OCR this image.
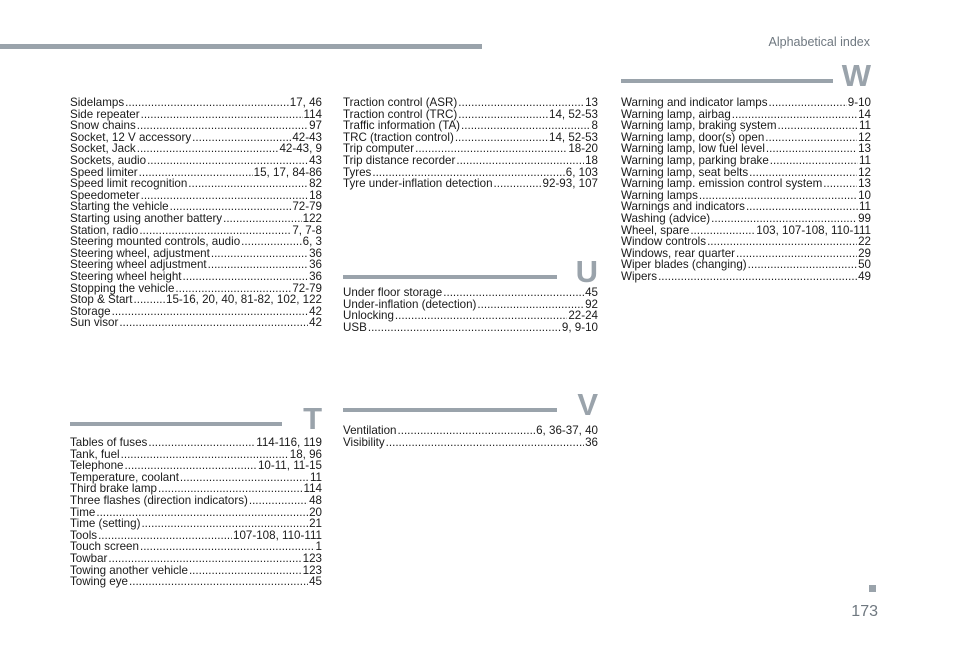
Alphabetical index
Sidelamps .....	17, 46
Side repeater .....	114
Snow chains .....	97
Socket, 12 V accessory .....	42-43
Socket, Jack .....	42-43, 9
Sockets, audio .....	43
Speed limiter .....	15, 17, 84-86
Speed limit recognition .....	82
Speedometer .....	18
Starting the vehicle .....	72-79
Starting using another battery .....	122
Station, radio .....	7, 7-8
Steering mounted controls, audio .....	6, 3
Steering wheel, adjustment .....	36
Steering wheel adjustment .....	36
Steering wheel height .....	36
Stopping the vehicle .....	72-79
Stop & Start .....	15-16, 20, 40, 81-82, 102, 122
Storage .....	42
Sun visor .....	42
T
Tables of fuses .....	114-116, 119
Tank, fuel .....	18, 96
Telephone .....	10-11, 11-15
Temperature, coolant .....	11
Third brake lamp .....	114
Three flashes (direction indicators) .....	48
Time .....	20
Time (setting) .....	21
Tools .....	107-108, 110-111
Touch screen .....	1
Towbar .....	123
Towing another vehicle .....	123
Towing eye .....	45
Traction control (ASR) .....	13
Traction control (TRC) .....	14, 52-53
Traffic information (TA) .....	8
TRC (traction control) .....	14, 52-53
Trip computer .....	18-20
Trip distance recorder .....	18
Tyres .....	6, 103
Tyre under-inflation detection .....	92-93, 107
U
Under floor storage .....	45
Under-inflation (detection) .....	92
Unlocking .....	22-24
USB .....	9, 9-10
V
Ventilation .....	6, 36-37, 40
Visibility .....	36
W
Warning and indicator lamps .....	9-10
Warning lamp, airbag .....	14
Warning lamp, braking system .....	11
Warning lamp, door(s) open .....	12
Warning lamp, low fuel level .....	13
Warning lamp, parking brake .....	11
Warning lamp, seat belts .....	12
Warning lamp. emission control system .....	13
Warning lamps .....	10
Warnings and indicators .....	11
Washing (advice) .....	99
Wheel, spare .....	103, 107-108, 110-111
Window controls .....	22
Windows, rear quarter .....	29
Wiper blades (changing) .....	50
Wipers .....	49
173
